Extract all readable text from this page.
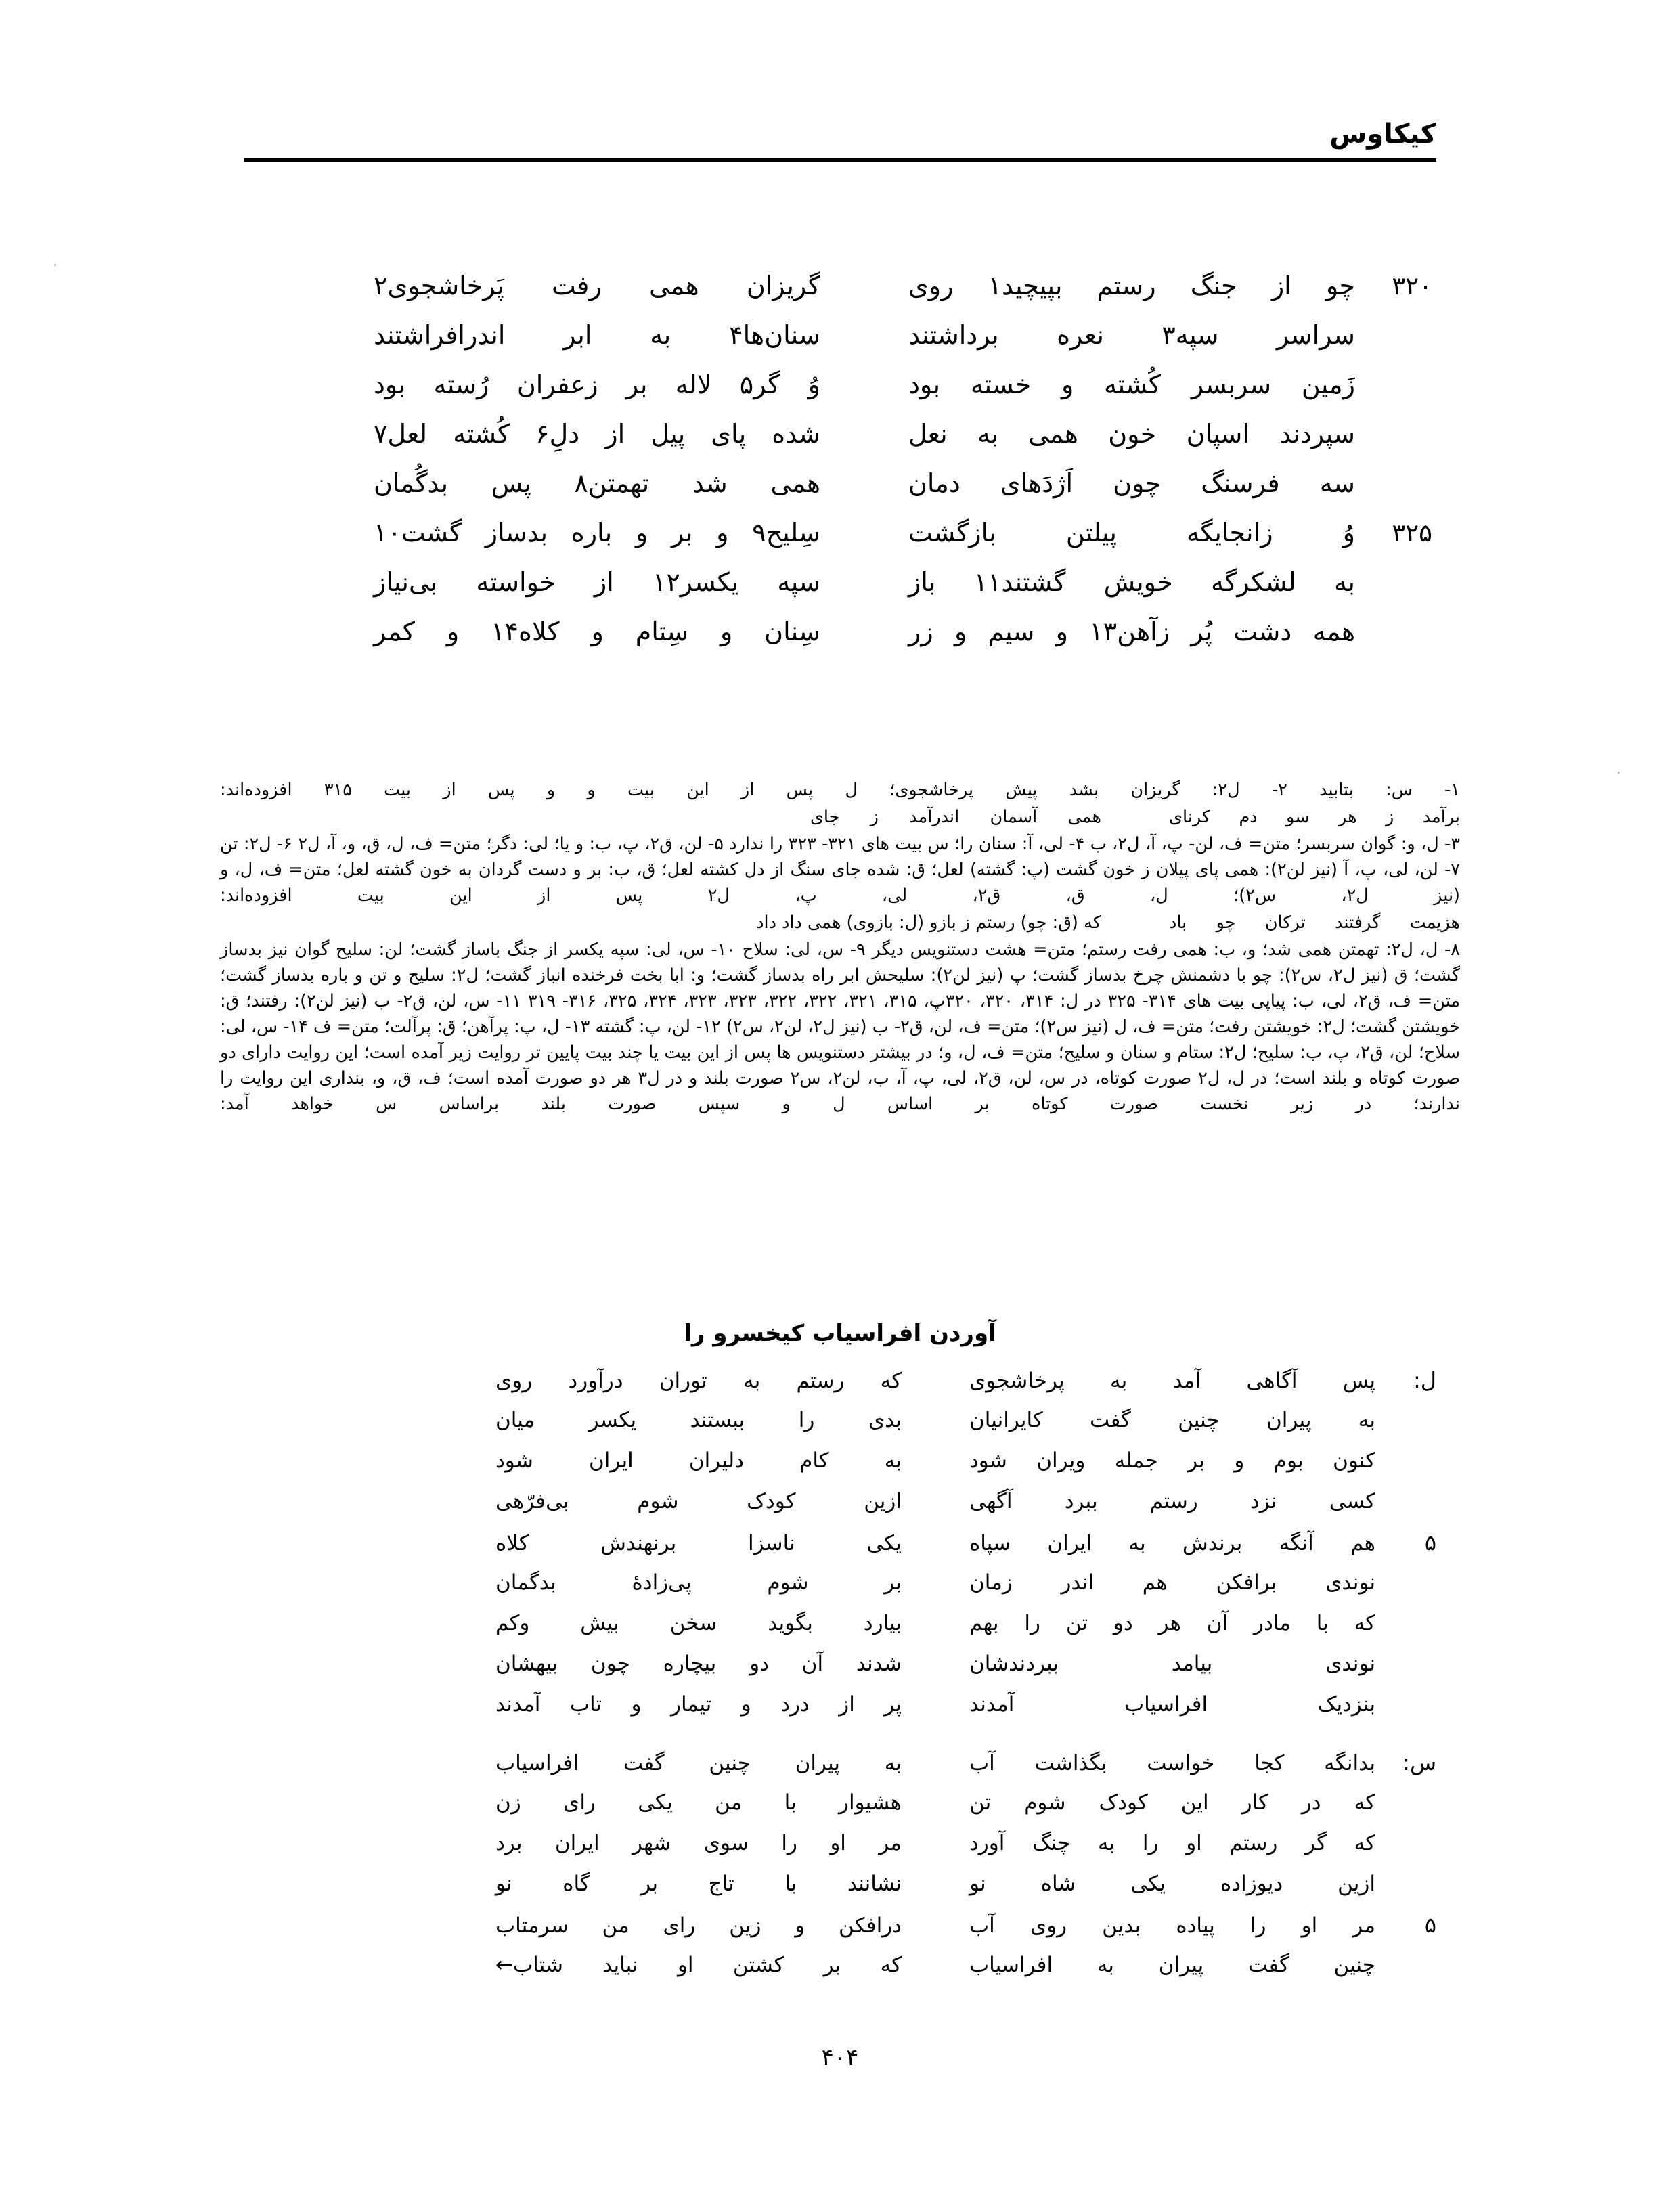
کیکاوس
۳۲۰
چو از جنگ رستم بپیچید۱ روی
گریزان همی رفت پَرخاشجوی۲
سراسر سپه۳ نعره برداشتند
سنان‌ها۴ به ابر اندرافراشتند
زَمین سربسر کُشته و خسته بود
وُ گر۵ لاله بر زعفران رُسته بود
سپردند اسپان خون همی به نعل
شده پای پیل از دلِ۶ کُشته لعل۷
سه فرسنگ چون اَژدَهای دمان
همی شد تهمتن۸ پس بدگُمان
۳۲۵
وُ زانجایگه پیلتن بازگشت
سِلیح۹ و بر و باره بدساز گشت۱۰
به لشکرگه خویش گشتند۱۱ باز
سپه یکسر۱۲ از خواسته بی‌نیاز
همه دشت پُر زآهن۱۳ و سیم و زر
سِنان و سِتام و کلاه۱۴ و کمر
۱- س: بتابید ۲- ل۲: گریزان بشد پیش پرخاشجوی؛ ل پس از این بیت و و پس از بیت ۳۱۵ افزوده‌اند:
برآمد ز هر سو دم کرنای همی آسمان اندرآمد ز جای
۳- ل، و: گوان سربسر؛ متن= ف، لن- پ، آ، ل۲، ب ۴- لی، آ: سنان را؛ س بیت های ۳۲۱- ۳۲۳ را ندارد ۵- لن، ق۲، پ، ب: و یا؛ لی: دگر؛ متن= ف، ل، ق، و، آ، ل۲ ۶- ل۲: تن ۷- لن، لی، پ، آ (نیز لن۲): همی پای پیلان ز خون گشت (پ: گشته) لعل؛ ق: شده جای سنگ از دل کشته لعل؛ ق، ب: بر و دست گردان به خون گشته لعل؛ متن= ف، ل، و (نیز ل۲، س۲)؛ ل، ق، ق۲، لی، پ، ل۲ پس از این بیت افزوده‌اند:
هزیمت گرفتند ترکان چو باد که (ق: چو) رستم ز بازو (ل: بازوی) همی داد داد
۸- ل، ل۲: تهمتن همی شد؛ و، ب: همی رفت رستم؛ متن= هشت دستنویس دیگر ۹- س، لی: سلاح ۱۰- س، لی: سپه یکسر از جنگ باساز گشت؛ لن: سلیح گوان نیز بدساز گشت؛ ق (نیز ل۲، س۲): چو با دشمنش چرخ بدساز گشت؛ پ (نیز لن۲): سلیحش ابر راه بدساز گشت؛ و: ابا بخت فرخنده انباز گشت؛ ل۲: سلیح و تن و باره بدساز گشت؛ متن= ف، ق۲، لی، ب: پیاپی بیت های ۳۱۴- ۳۲۵ در ل: ۳۱۴، ۳۲۰، ۳۲۰پ، ۳۱۵، ۳۲۱، ۳۲۲، ۳۲۲، ۳۲۳، ۳۲۳، ۳۲۴، ۳۲۵، ۳۱۶- ۳۱۹ ۱۱- س، لن، ق۲- ب (نیز لن۲): رفتند؛ ق: خویشتن گشت؛ ل۲: خویشتن رفت؛ متن= ف، ل (نیز س۲)؛ متن= ف، لن، ق۲- ب (نیز ل۲، لن۲، س۲) ۱۲- لن، پ: گشته ۱۳- ل، پ: پرآهن؛ ق: پرآلت؛ متن= ف ۱۴- س، لی: سلاح؛ لن، ق۲، پ، ب: سلیح؛ ل۲: ستام و سنان و سلیح؛ متن= ف، ل، و؛ در بیشتر دستنویس ها پس از این بیت یا چند بیت پایین تر روایت زیر آمده است؛ این روایت دارای دو صورت کوتاه و بلند است؛ در ل، ل۲ صورت کوتاه، در س، لن، ق۲، لی، پ، آ، ب، لن۲، س۲ صورت بلند و در ل۳ هر دو صورت آمده است؛ ف، ق، و، بنداری این روایت را ندارند؛ در زیر نخست صورت کوتاه بر اساس ل و سپس صورت بلند براساس س خواهد آمد:
آوردن افراسیاب کیخسرو را
ل:
پس آگاهی آمد به پرخاشجوی
که رستم به توران درآورد روی
به پیران چنین گفت کایرانیان
بدی را ببستند یکسر میان
کنون بوم و بر جمله ویران شود
به کام دلیران ایران شود
کسی نزد رستم ببرد آگهی
ازین کودک شوم بی‌فرّهی
۵
هم آنگه برندش به ایران سپاه
یکی ناسزا برنهندش کلاه
نوندی برافکن هم اندر زمان
بر شوم پی‌زادهٔ بدگمان
که با مادر آن هر دو تن را بهم
بیارد بگوید سخن بیش وکم
نوندی بیامد ببردندشان
شدند آن دو بیچاره چون بیهشان
بنزدیک افراسیاب آمدند
پر از درد و تیمار و تاب آمدند
س:
بدانگه کجا خواست بگذاشت آب
به پیران چنین گفت افراسیاب
که در کار این کودک شوم تن
هشیوار با من یکی رای زن
که گر رستم او را به چنگ آورد
مر او را سوی شهر ایران برد
ازین دیوزاده یکی شاه نو
نشانند با تاج بر گاه نو
۵
مر او را پیاده بدین روی آب
درافکن و زین رای من سرمتاب
چنین گفت پیران به افراسیاب
که بر کشتن او نباید شتاب←
۴۰۴
